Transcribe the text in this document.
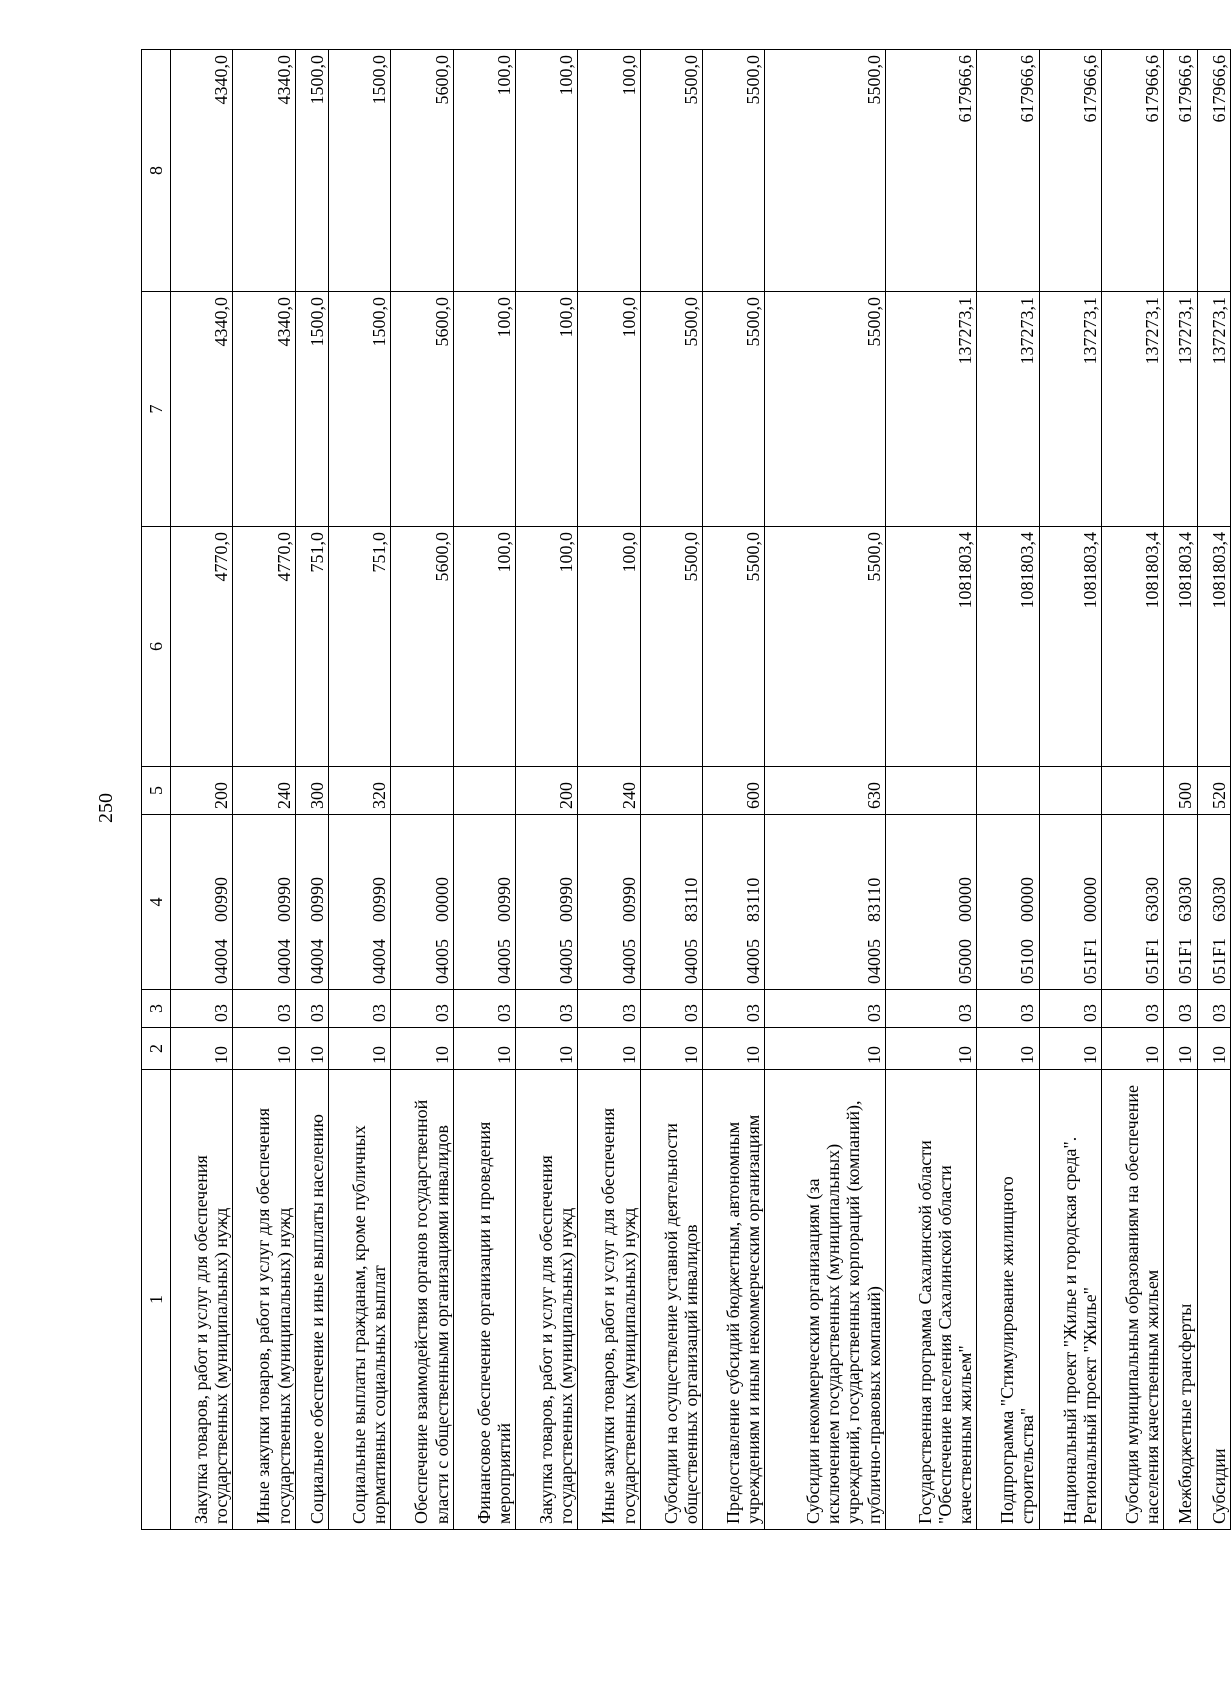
250
1	2	3	4	5	6	7	8
Закупка товаров, работ и услуг для обеспечения государственных (муниципальных) нужд	10	03	0400400990	200	4770,0	4340,0	4340,0
Иные закупки товаров, работ и услуг для обеспечения государственных (муниципальных) нужд	10	03	0400400990	240	4770,0	4340,0	4340,0
Социальное обеспечение и иные выплаты населению	10	03	0400400990	300	751,0	1500,0	1500,0
Социальные выплаты гражданам, кроме публичных нормативных социальных выплат	10	03	0400400990	320	751,0	1500,0	1500,0
Обеспечение взаимодействия органов государственной власти с общественными организациями инвалидов	10	03	0400500000		5600,0	5600,0	5600,0
Финансовое обеспечение организации и проведения мероприятий	10	03	0400500990		100,0	100,0	100,0
Закупка товаров, работ и услуг для обеспечения государственных (муниципальных) нужд	10	03	0400500990	200	100,0	100,0	100,0
Иные закупки товаров, работ и услуг для обеспечения государственных (муниципальных) нужд	10	03	0400500990	240	100,0	100,0	100,0
Субсидии на осуществление уставной деятельности общественных организаций инвалидов	10	03	0400583110		5500,0	5500,0	5500,0
Предоставление субсидий бюджетным, автономным учреждениям и иным некоммерческим организациям	10	03	0400583110	600	5500,0	5500,0	5500,0
Субсидии некоммерческим организациям (за исключением государственных (муниципальных) учреждений, государственных корпораций (компаний), публично-правовых компаний)	10	03	0400583110	630	5500,0	5500,0	5500,0
Государственная программа Сахалинской области "Обеспечение населения Сахалинской области качественным жильем"	10	03	0500000000		1081803,4	137273,1	617966,6
Подпрограмма "Стимулирование жилищного строительства"	10	03	0510000000		1081803,4	137273,1	617966,6
Национальный проект "Жилье и городская среда". Региональный проект "Жилье"	10	03	051F100000		1081803,4	137273,1	617966,6
Субсидия муниципальным образованиям на обеспечение населения качественным жильем	10	03	051F163030		1081803,4	137273,1	617966,6
Межбюджетные трансферты	10	03	051F163030	500	1081803,4	137273,1	617966,6
Субсидии	10	03	051F163030	520	1081803,4	137273,1	617966,6
